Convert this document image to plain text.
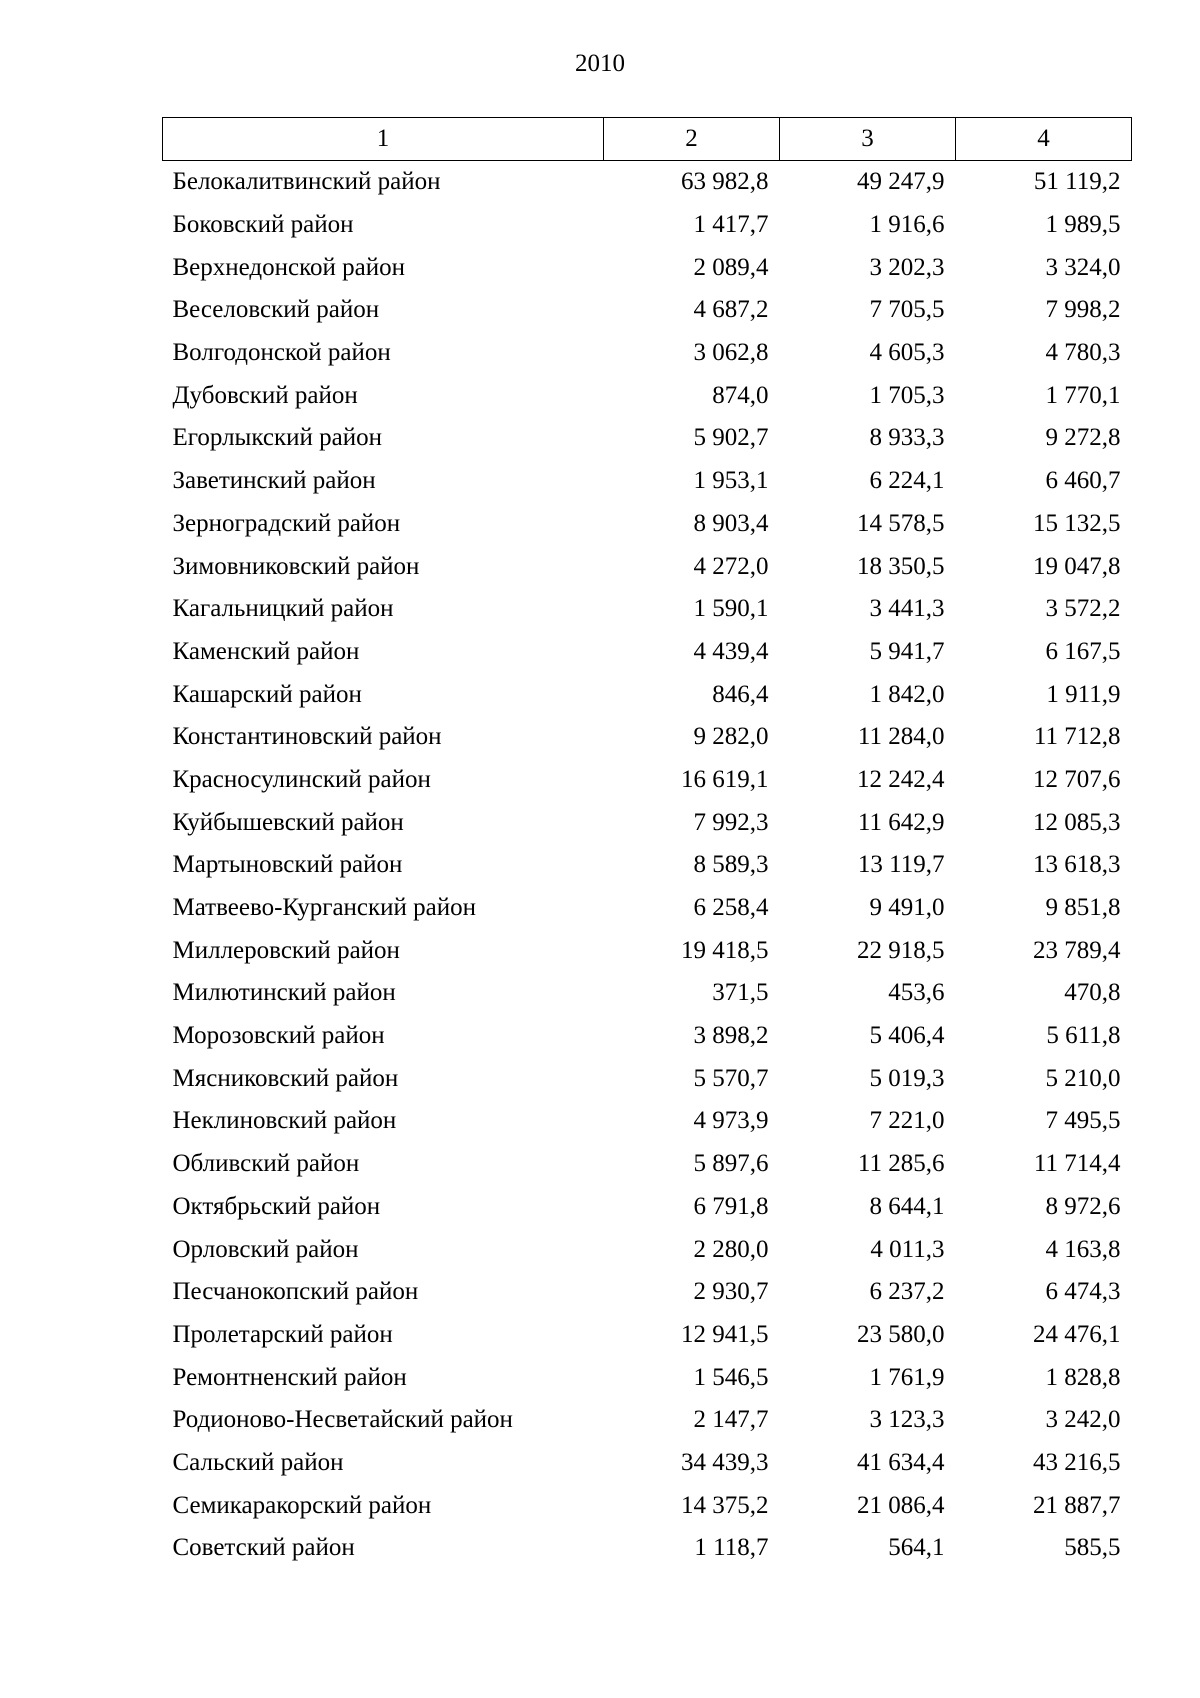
2010
1	2	3	4
Белокалитвинский район	63 982,8	49 247,9	51 119,2
Боковский район	1 417,7	1 916,6	1 989,5
Верхнедонской район	2 089,4	3 202,3	3 324,0
Веселовский район	4 687,2	7 705,5	7 998,2
Волгодонской район	3 062,8	4 605,3	4 780,3
Дубовский район	874,0	1 705,3	1 770,1
Егорлыкский район	5 902,7	8 933,3	9 272,8
Заветинский район	1 953,1	6 224,1	6 460,7
Зерноградский район	8 903,4	14 578,5	15 132,5
Зимовниковский район	4 272,0	18 350,5	19 047,8
Кагальницкий район	1 590,1	3 441,3	3 572,2
Каменский район	4 439,4	5 941,7	6 167,5
Кашарский район	846,4	1 842,0	1 911,9
Константиновский район	9 282,0	11 284,0	11 712,8
Красносулинский район	16 619,1	12 242,4	12 707,6
Куйбышевский район	7 992,3	11 642,9	12 085,3
Мартыновский район	8 589,3	13 119,7	13 618,3
Матвеево-Курганский район	6 258,4	9 491,0	9 851,8
Миллеровский район	19 418,5	22 918,5	23 789,4
Милютинский район	371,5	453,6	470,8
Морозовский район	3 898,2	5 406,4	5 611,8
Мясниковский район	5 570,7	5 019,3	5 210,0
Неклиновский район	4 973,9	7 221,0	7 495,5
Обливский район	5 897,6	11 285,6	11 714,4
Октябрьский район	6 791,8	8 644,1	8 972,6
Орловский район	2 280,0	4 011,3	4 163,8
Песчанокопский район	2 930,7	6 237,2	6 474,3
Пролетарский район	12 941,5	23 580,0	24 476,1
Ремонтненский район	1 546,5	1 761,9	1 828,8
Родионово-Несветайский район	2 147,7	3 123,3	3 242,0
Сальский район	34 439,3	41 634,4	43 216,5
Семикаракорский район	14 375,2	21 086,4	21 887,7
Советский район	1 118,7	564,1	585,5
